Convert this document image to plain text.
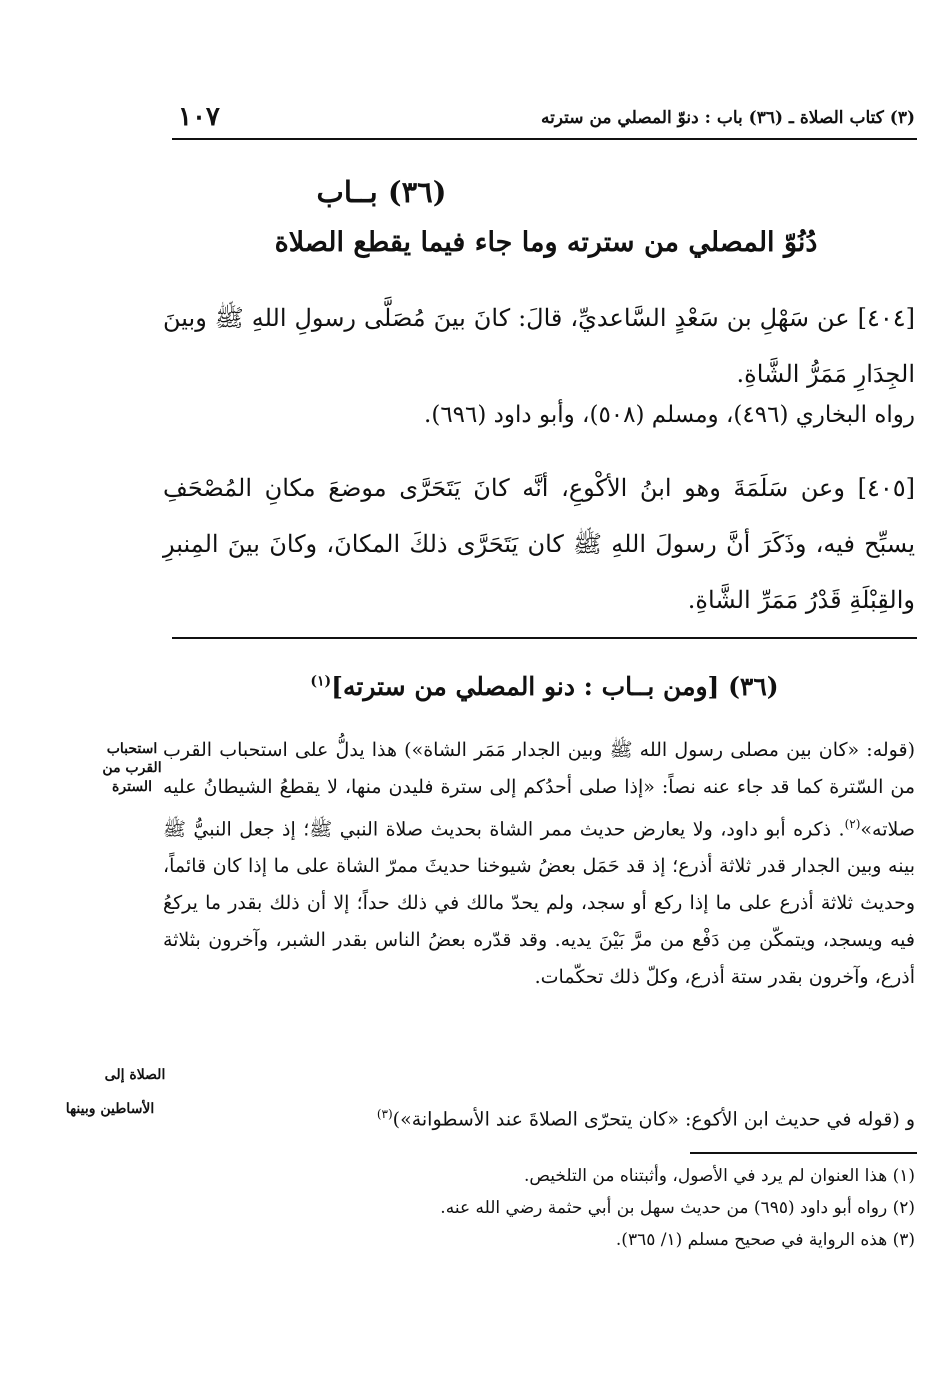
(٣) كتاب الصلاة ـ (٣٦) باب : دنوّ المصلي من سترته
١٠٧
(٣٦) بــاب
دُنُوّ المصلي من سترته وما جاء فيما يقطع الصلاة
[٤٠٤] عن سَهْلِ بن سَعْدٍ السَّاعديِّ، قالَ: كانَ بينَ مُصَلَّى رسولِ اللهِ ﷺ وبينَ الجِدَارِ مَمَرُّ الشَّاةِ.
رواه البخاري (٤٩٦)، ومسلم (٥٠٨)، وأبو داود (٦٩٦).
[٤٠٥] وعن سَلَمَةَ وهو ابنُ الأكْوعِ، أنَّه كانَ يَتَحَرَّى موضعَ مكانِ المُصْحَفِ يسبِّح فيه، وذَكَرَ أنَّ رسولَ اللهِ ﷺ كان يَتَحَرَّى ذلكَ المكانَ، وكانَ بينَ المِنبرِ والقِبْلَةِ قَدْرُ مَمَرِّ الشَّاةِ.
(٣٦) [ومن بــاب : دنو المصلي من سترته]$^{(١)}$
(قوله: «كان بين مصلى رسول الله ﷺ وبين الجدار مَمَر الشاة») هذا يدلُّ على استحباب القرب من السّترة كما قد جاء عنه نصاً: «إذا صلى أحدُكم إلى سترة فليدن منها، لا يقطعُ الشيطانُ عليه صلاته»$^{(٢)}$. ذكره أبو داود، ولا يعارض حديث ممر الشاة بحديث صلاة النبي ﷺ؛ إذ جعل النبيُّ ﷺ بينه وبين الجدار قدر ثلاثة أذرع؛ إذ قد حَمَل بعضُ شيوخنا حديثَ ممرّ الشاة على ما إذا كان قائماً، وحديث ثلاثة أذرع على ما إذا ركع أو سجد، ولم يحدّ مالك في ذلك حداً؛ إلا أن ذلك بقدر ما يركعُ فيه ويسجد، ويتمكّن مِن دَفْع من مرَّ بَيْنَ يديه. وقد قدّره بعضُ الناس بقدر الشبر، وآخرون بثلاثة أذرع، وآخرون بقدر ستة أذرع، وكلّ ذلك تحكّمات.
و (قوله في حديث ابن الأكوع: «كان يتحرّى الصلاةَ عند الأسطوانة»)$^{(٣)}$
استحباب القرب من السترة
الصلاة إلى
الأساطين وبينها
(١) هذا العنوان لم يرد في الأصول، وأثبتناه من التلخيص.
(٢) رواه أبو داود (٦٩٥) من حديث سهل بن أبي حثمة رضي الله عنه.
(٣) هذه الرواية في صحيح مسلم (١/ ٣٦٥).
